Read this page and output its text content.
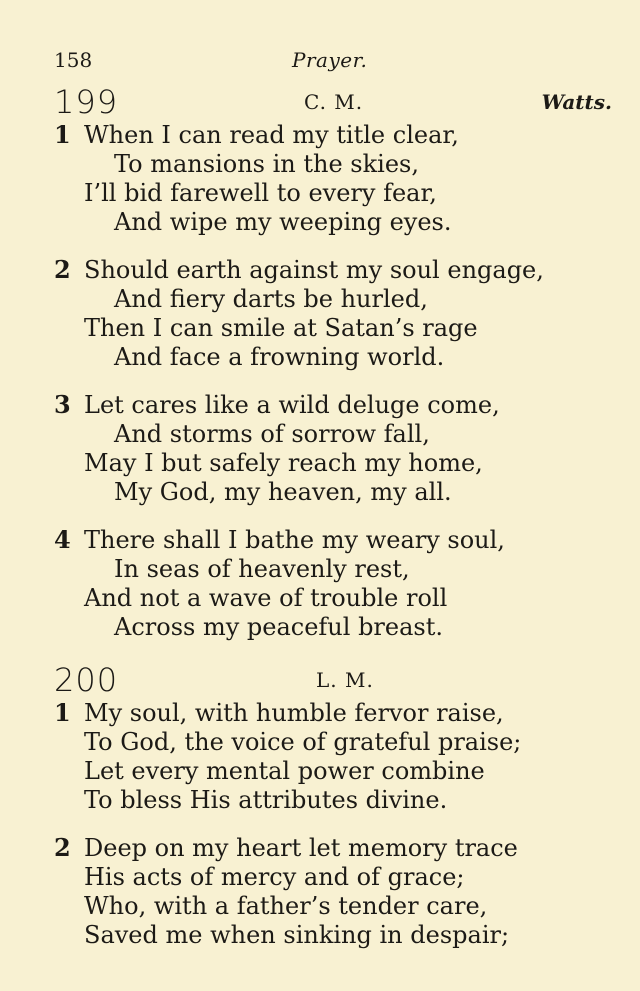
158	Prayer.
199	C. M.	Watts.
1 When I can read my title clear,
To mansions in the skies,
I’ll bid farewell to every fear,
And wipe my weeping eyes.
2 Should earth against my soul engage,
And fiery darts be hurled,
Then I can smile at Satan’s rage
And face a frowning world.
3 Let cares like a wild deluge come,
And storms of sorrow fall,
May I but safely reach my home,
My God, my heaven, my all.
4 There shall I bathe my weary soul,
In seas of heavenly rest,
And not a wave of trouble roll
Across my peaceful breast.
200	L. M.
1 My soul, with humble fervor raise,
To God, the voice of grateful praise;
Let every mental power combine
To bless His attributes divine.
2 Deep on my heart let memory trace
His acts of mercy and of grace;
Who, with a father’s tender care,
Saved me when sinking in despair;
